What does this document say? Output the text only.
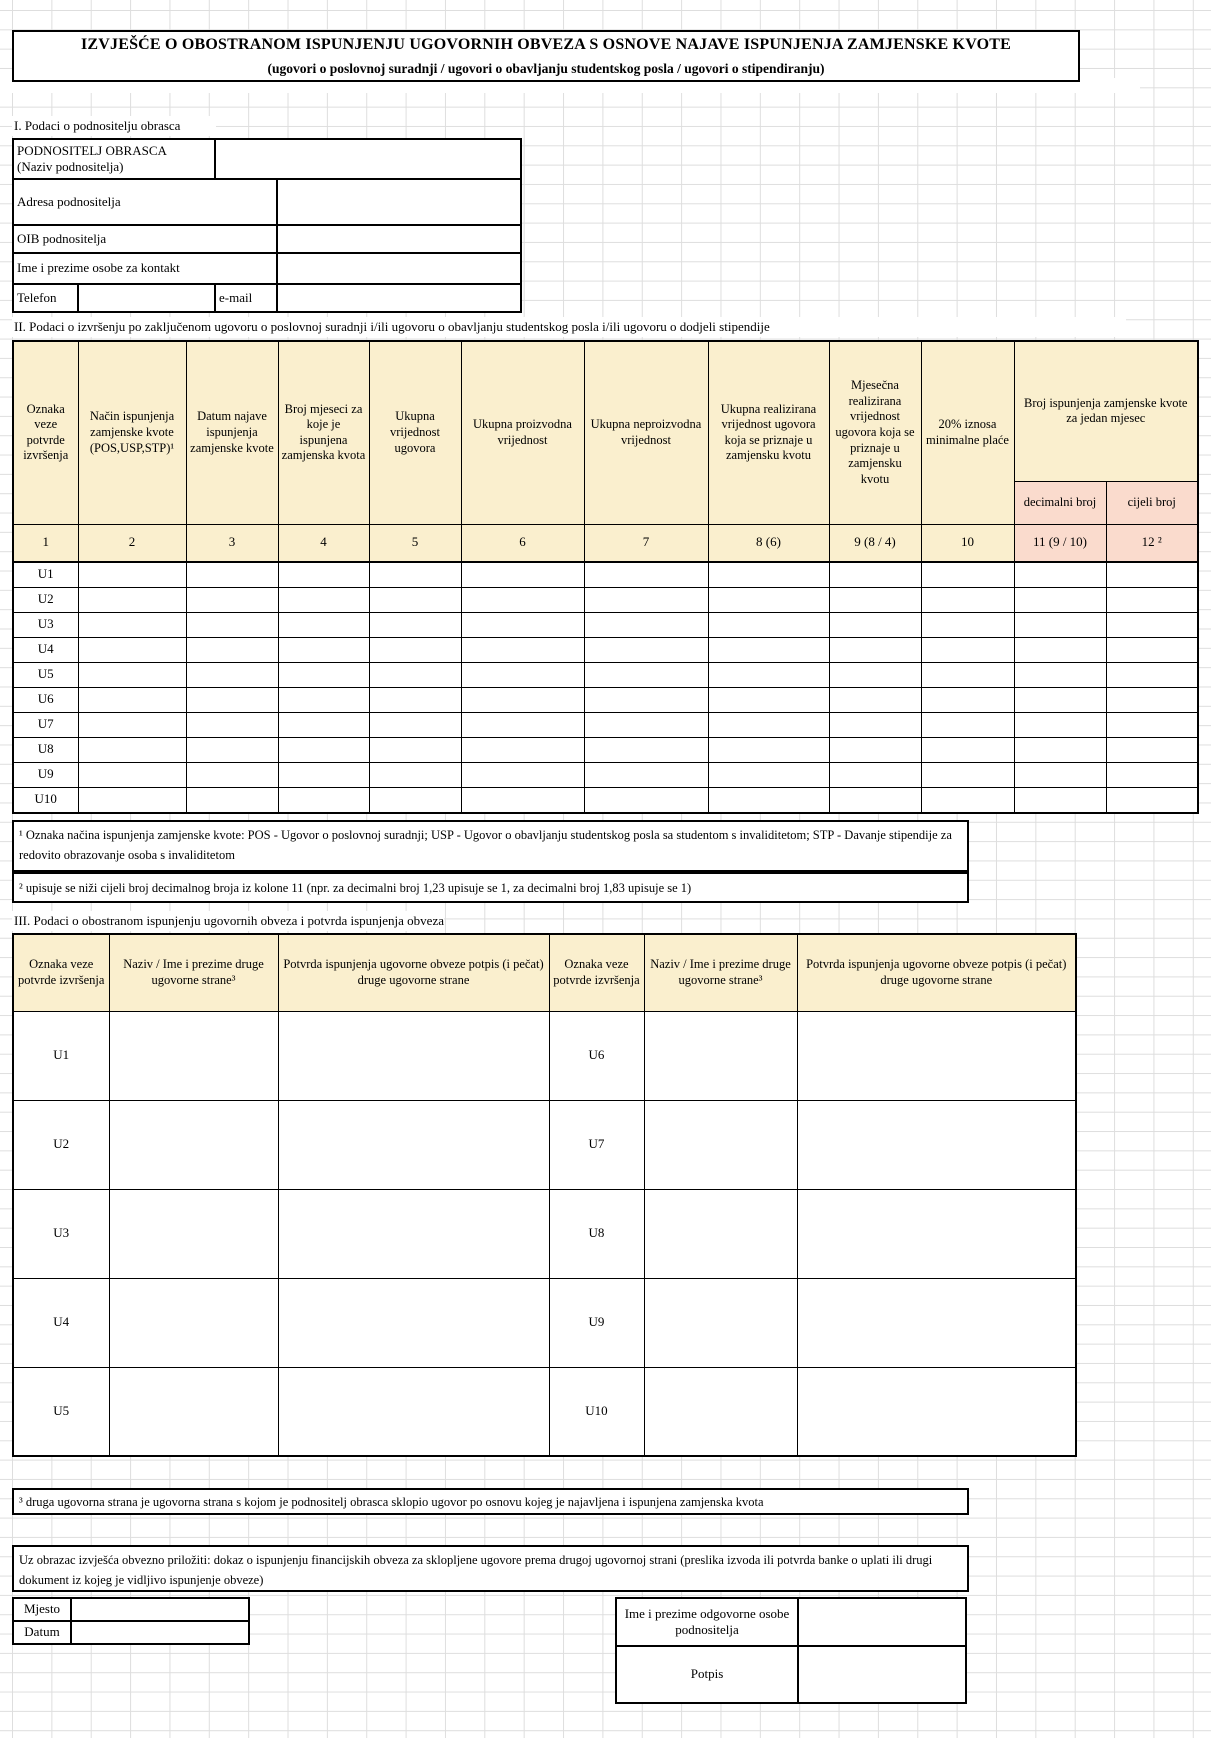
IZVJEŠĆE O OBOSTRANOM ISPUNJENJU UGOVORNIH OBVEZA S OSNOVE NAJAVE ISPUNJENJA ZAMJENSKE KVOTE
(ugovori o poslovnoj suradnji / ugovori o obavljanju studentskog posla / ugovori o stipendiranju)
I. Podaci o podnositelju obrasca
PODNOSITELJ OBRASCA
(Naziv podnositelja)			

Adresa podnositelja			
OIB podnositelja			
Ime i prezime osobe za kontakt			
Telefon		e-mail	
II. Podaci o izvršenju po zaključenom ugovoru o poslovnoj suradnji i/ili ugovoru o obavljanju studentskog posla i/ili ugovoru o dodjeli stipendije
Oznaka veze potvrde izvršenja	Način ispunjenja zamjenske kvote (POS,USP,STP)¹	Datum najave ispunjenja zamjenske kvote	Broj mjeseci za koje je ispunjena zamjenska kvota	Ukupna vrijednost ugovora	Ukupna proizvodna vrijednost	Ukupna neproizvodna vrijednost	Ukupna realizirana vrijednost ugovora koja se priznaje u zamjensku kvotu	Mjesečna realizirana vrijednost ugovora koja se priznaje u zamjensku kvotu	20% iznosa minimalne plaće	Broj ispunjenja zamjenske kvote za jedan mjesec	
										decimalni broj	cijeli broj
1	2	3	4	5	6	7	8 (6)	9 (8 / 4)	10	11 (9 / 10)	12 ²
U1											
U2											
U3											
U4											
U5											
U6											
U7											
U8											
U9											
U10											
¹ Oznaka načina ispunjenja zamjenske kvote: POS - Ugovor o poslovnoj suradnji; USP - Ugovor o obavljanju studentskog posla sa studentom s invaliditetom; STP - Davanje stipendije za redovito obrazovanje osoba s invaliditetom
² upisuje se niži cijeli broj decimalnog broja iz kolone 11 (npr. za decimalni broj 1,23 upisuje se 1, za decimalni broj 1,83 upisuje se 1)
III. Podaci o obostranom ispunjenju ugovornih obveza i potvrda ispunjenja obveza
Oznaka veze potvrde izvršenja	Naziv / Ime i prezime druge ugovorne strane³	Potvrda ispunjenja ugovorne obveze potpis (i pečat) druge ugovorne strane	Oznaka veze potvrde izvršenja	Naziv / Ime i prezime druge ugovorne strane³	Potvrda ispunjenja ugovorne obveze potpis (i pečat) druge ugovorne strane
U1			U6		
U2			U7		
U3			U8		
U4			U9		
U5			U10		
³ druga ugovorna strana je ugovorna strana s kojom je podnositelj obrasca sklopio ugovor po osnovu kojeg je najavljena i ispunjena zamjenska kvota
Uz obrazac izvješća obvezno priložiti: dokaz o ispunjenju financijskih obveza za sklopljene ugovore prema drugoj ugovornoj strani (preslika izvoda ili potvrda banke o uplati ili drugi dokument iz kojeg je vidljivo ispunjenje obveze)
Mjesto	
Datum	
Ime i prezime odgovorne osobe podnositelja	
Potpis	
